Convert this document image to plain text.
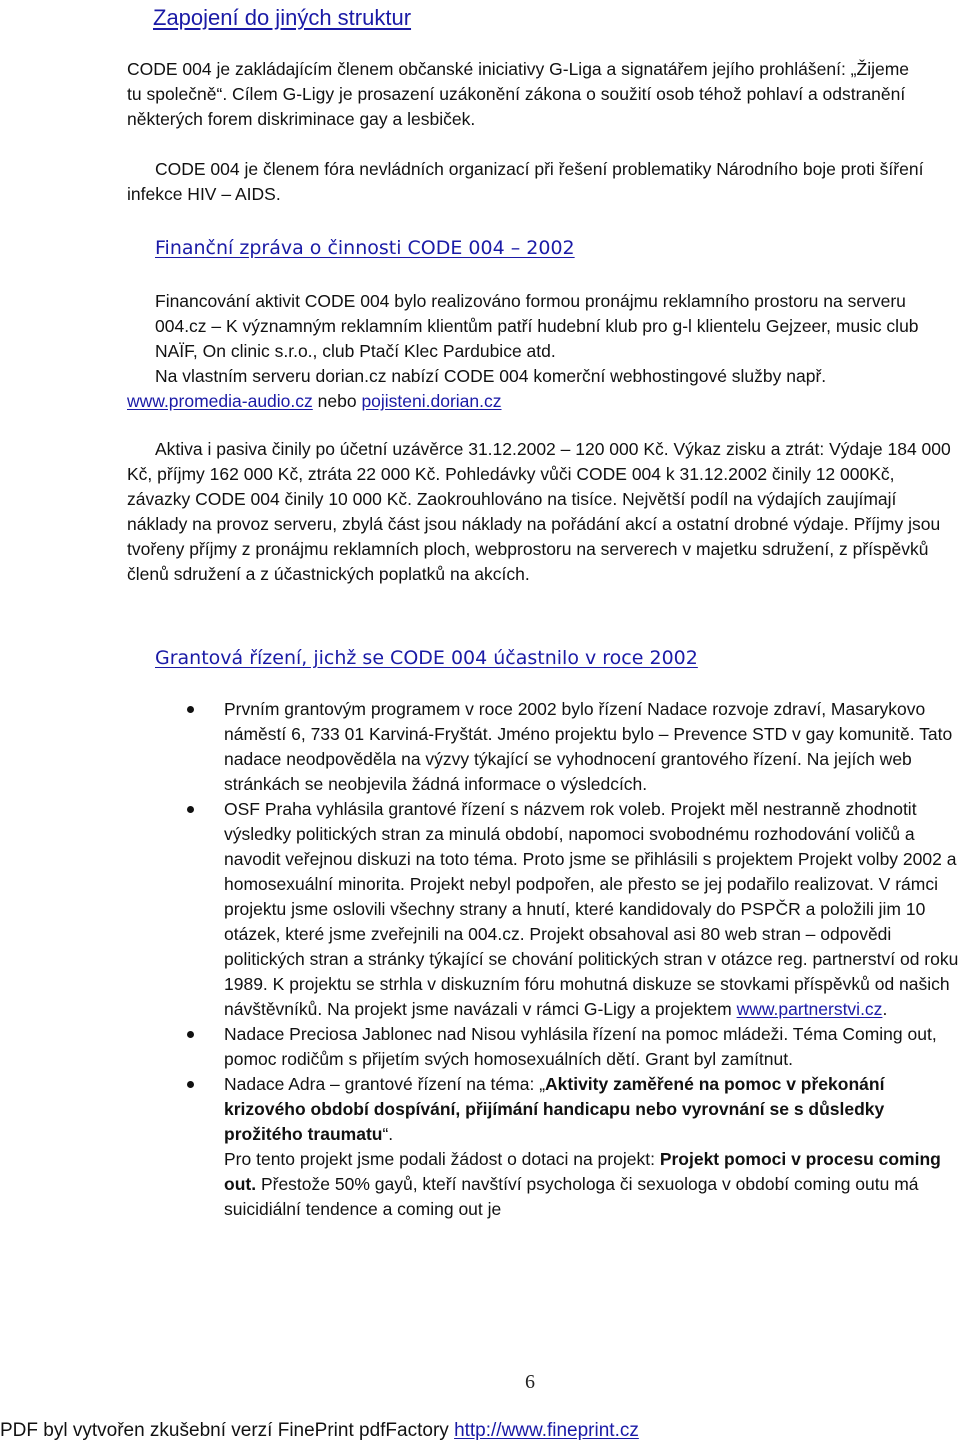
Zapojení do jiných struktur

CODE 004 je zakládajícím členem občanské iniciativy G-Liga a signatářem jejího prohlášení: „Žijeme tu společně“. Cílem G-Ligy je prosazení uzákonění zákona o soužití osob téhož pohlaví a odstranění některých forem diskriminace gay a lesbiček.

CODE 004 je členem fóra nevládních organizací při řešení problematiky Národního boje proti šíření infekce HIV – AIDS.

Finanční zpráva o činnosti CODE 004 – 2002

Financování aktivit CODE 004 bylo realizováno formou pronájmu reklamního prostoru na serveru 004.cz – K významným reklamním klientům patří hudební klub pro g-l klientelu Gejzeer, music club NAÏF, On clinic s.r.o., club Ptačí Klec Pardubice atd.

Na vlastním serveru dorian.cz nabízí CODE 004 komerční webhostingové služby např.

www.promedia-audio.cz nebo pojisteni.dorian.cz

Aktiva i pasiva činily po účetní uzávěrce 31.12.2002 – 120 000 Kč. Výkaz zisku a ztrát: Výdaje 184 000 Kč, příjmy 162 000 Kč, ztráta 22 000 Kč. Pohledávky vůči CODE 004 k 31.12.2002 činily 12 000Kč, závazky CODE 004 činily 10 000 Kč. Zaokrouhlováno na tisíce. Největší podíl na výdajích zaujímají náklady na provoz serveru, zbylá část jsou náklady na pořádání akcí a ostatní drobné výdaje. Příjmy jsou tvořeny příjmy z pronájmu reklamních ploch, webprostoru na serverech v majetku sdružení, z příspěvků členů sdružení a z účastnických poplatků na akcích.

Grantová řízení, jichž se CODE 004 účastnilo v roce 2002
Prvním grantovým programem v roce 2002 bylo řízení Nadace rozvoje zdraví, Masarykovo náměstí 6, 733 01 Karviná-Fryštát. Jméno projektu bylo – Prevence STD v gay komunitě. Tato nadace neodpověděla na výzvy týkající se vyhodnocení grantového řízení. Na jejích web stránkách se neobjevila žádná informace o výsledcích.
OSF Praha vyhlásila grantové řízení s názvem rok voleb. Projekt měl nestranně zhodnotit výsledky politických stran za minulá období, napomoci svobodnému rozhodování voličů a navodit veřejnou diskuzi na toto téma. Proto jsme se přihlásili s projektem Projekt volby 2002 a homosexuální minorita. Projekt nebyl podpořen, ale přesto se jej podařilo realizovat. V rámci projektu jsme oslovili všechny strany a hnutí, které kandidovaly do PSPČR a položili jim 10 otázek, které jsme zveřejnili na 004.cz. Projekt obsahoval asi 80 web stran – odpovědi politických stran a stránky týkající se chování politických stran v otázce reg. partnerství od roku 1989. K projektu se strhla v diskuzním fóru mohutná diskuze se stovkami příspěvků od našich návštěvníků. Na projekt jsme navázali v rámci G-Ligy a projektem www.partnerstvi.cz.
Nadace Preciosa Jablonec nad Nisou vyhlásila řízení na pomoc mládeži. Téma Coming out, pomoc rodičům s přijetím svých homosexuálních dětí. Grant byl zamítnut.
Nadace Adra – grantové řízení na téma: „Aktivity zaměřené na pomoc v překonání krizového období dospívání, přijímání handicapu nebo vyrovnání se s důsledky prožitého traumatu“.
Pro tento projekt jsme podali žádost o dotaci na projekt: Projekt pomoci v procesu coming out. Přestože 50% gayů, kteří navštíví psychologa či sexuologa v období coming outu má suicidiální tendence a coming out je
6
PDF byl vytvořen zkušební verzí FinePrint pdfFactory http://www.fineprint.cz
